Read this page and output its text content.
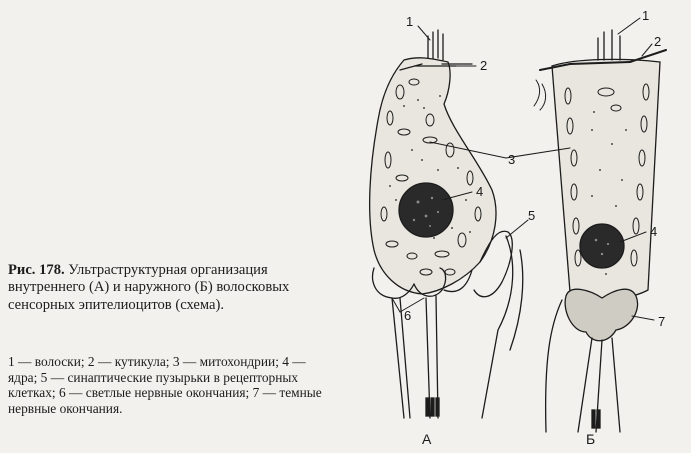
Рис. 178. Ультраструктурная организация внутреннего (А) и наружного (Б) волосковых сенсорных эпителиоцитов (схема).
1 — волоски; 2 — кутикула; 3 — митохондрии; 4 — ядра; 5 — синаптические пузырьки в рецепторных клетках; 6 — светлые нервные окончания; 7 — темные нервные окончания.
1
2
1
2
3
4
4
5
6	7
А	Б
